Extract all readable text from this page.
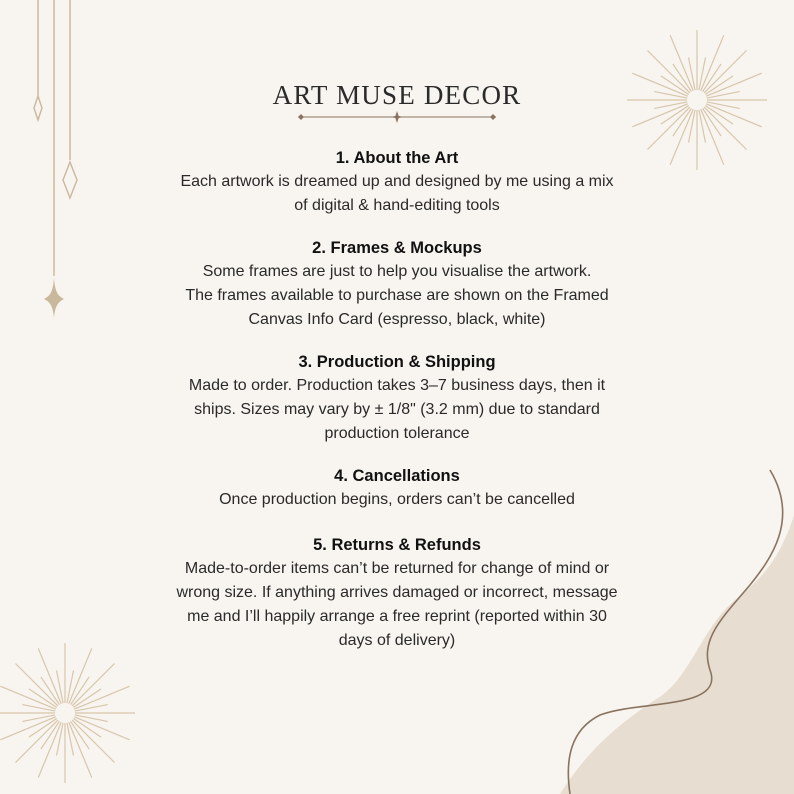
ART MUSE DECOR
1. About the Art

Each artwork is dreamed up and designed by me using a mix

of digital & hand-editing tools

2. Frames & Mockups

Some frames are just to help you visualise the artwork.

The frames available to purchase are shown on the Framed

Canvas Info Card (espresso, black, white)

3. Production & Shipping

Made to order. Production takes 3–7 business days, then it

ships. Sizes may vary by ± 1/8" (3.2 mm) due to standard

production tolerance

4. Cancellations

Once production begins, orders can’t be cancelled

5. Returns & Refunds

Made-to-order items can’t be returned for change of mind or

wrong size. If anything arrives damaged or incorrect, message

me and I’ll happily arrange a free reprint (reported within 30

days of delivery)
